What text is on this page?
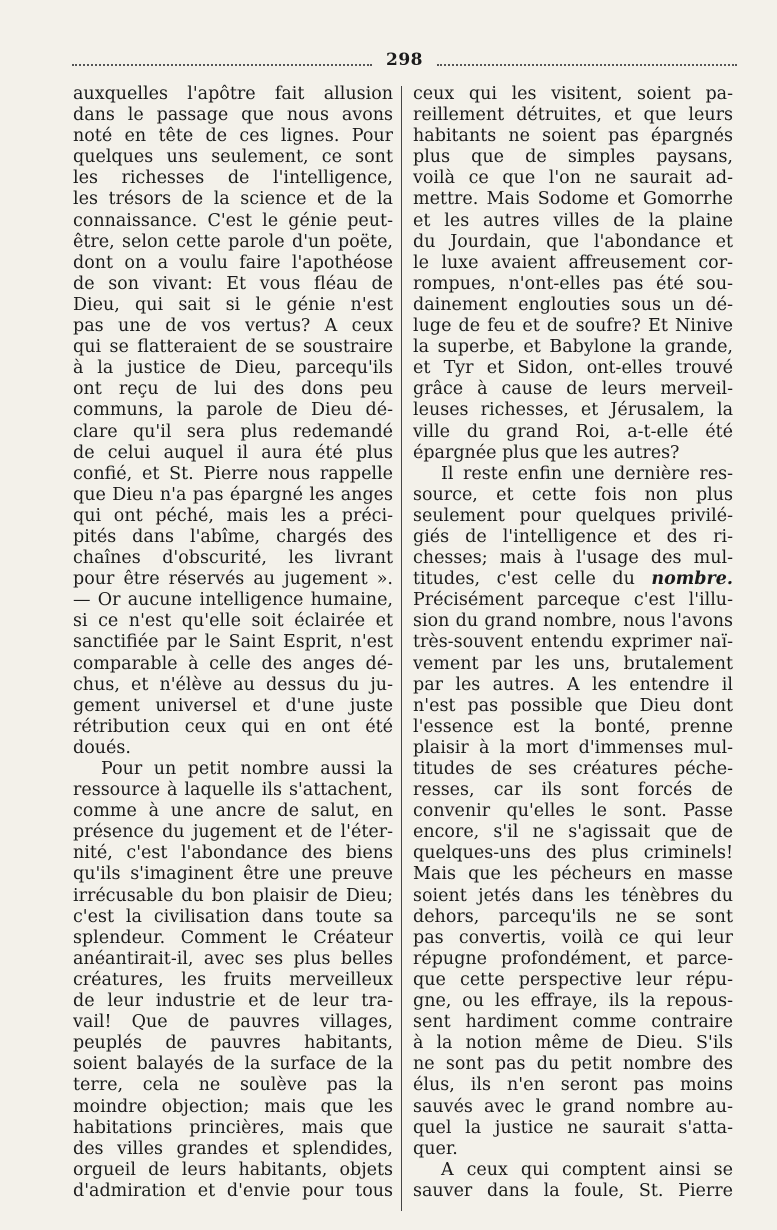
298
auxquelles l'apôtre fait allusion
dans le passage que nous avons
noté en tête de ces lignes. Pour
quelques uns seulement, ce sont
les richesses de l'intelligence,
les trésors de la science et de la
connaissance. C'est le génie peut-
être, selon cette parole d'un poëte,
dont on a voulu faire l'apothéose
de son vivant: Et vous fléau de
Dieu, qui sait si le génie n'est
pas une de vos vertus? A ceux
qui se flatteraient de se soustraire
à la justice de Dieu, parcequ'ils
ont reçu de lui des dons peu
communs, la parole de Dieu dé-
clare qu'il sera plus redemandé
de celui auquel il aura été plus
confié, et St. Pierre nous rappelle
que Dieu n'a pas épargné les anges
qui ont péché, mais les a préci-
pités dans l'abîme, chargés des
chaînes d'obscurité, les livrant
pour être réservés au jugement ».
— Or aucune intelligence humaine,
si ce n'est qu'elle soit éclairée et
sanctifiée par le Saint Esprit, n'est
comparable à celle des anges dé-
chus, et n'élève au dessus du ju-
gement universel et d'une juste
rétribution ceux qui en ont été
doués.
Pour un petit nombre aussi la
ressource à laquelle ils s'attachent,
comme à une ancre de salut, en
présence du jugement et de l'éter-
nité, c'est l'abondance des biens
qu'ils s'imaginent être une preuve
irrécusable du bon plaisir de Dieu;
c'est la civilisation dans toute sa
splendeur. Comment le Créateur
anéantirait-il, avec ses plus belles
créatures, les fruits merveilleux
de leur industrie et de leur tra-
vail! Que de pauvres villages,
peuplés de pauvres habitants,
soient balayés de la surface de la
terre, cela ne soulève pas la
moindre objection; mais que les
habitations princières, mais que
des villes grandes et splendides,
orgueil de leurs habitants, objets
d'admiration et d'envie pour tous
ceux qui les visitent, soient pa-
reillement détruites, et que leurs
habitants ne soient pas épargnés
plus que de simples paysans,
voilà ce que l'on ne saurait ad-
mettre. Mais Sodome et Gomorrhe
et les autres villes de la plaine
du Jourdain, que l'abondance et
le luxe avaient affreusement cor-
rompues, n'ont-elles pas été sou-
dainement englouties sous un dé-
luge de feu et de soufre? Et Ninive
la superbe, et Babylone la grande,
et Tyr et Sidon, ont-elles trouvé
grâce à cause de leurs merveil-
leuses richesses, et Jérusalem, la
ville du grand Roi, a-t-elle été
épargnée plus que les autres?
Il reste enfin une dernière res-
source, et cette fois non plus
seulement pour quelques privilé-
giés de l'intelligence et des ri-
chesses; mais à l'usage des mul-
titudes, c'est celle du nombre.
Précisément parceque c'est l'illu-
sion du grand nombre, nous l'avons
très-souvent entendu exprimer naï-
vement par les uns, brutalement
par les autres. A les entendre il
n'est pas possible que Dieu dont
l'essence est la bonté, prenne
plaisir à la mort d'immenses mul-
titudes de ses créatures péche-
resses, car ils sont forcés de
convenir qu'elles le sont. Passe
encore, s'il ne s'agissait que de
quelques-uns des plus criminels!
Mais que les pécheurs en masse
soient jetés dans les ténèbres du
dehors, parcequ'ils ne se sont
pas convertis, voilà ce qui leur
répugne profondément, et parce-
que cette perspective leur répu-
gne, ou les effraye, ils la repous-
sent hardiment comme contraire
à la notion même de Dieu. S'ils
ne sont pas du petit nombre des
élus, ils n'en seront pas moins
sauvés avec le grand nombre au-
quel la justice ne saurait s'atta-
quer.
A ceux qui comptent ainsi se
sauver dans la foule, St. Pierre
